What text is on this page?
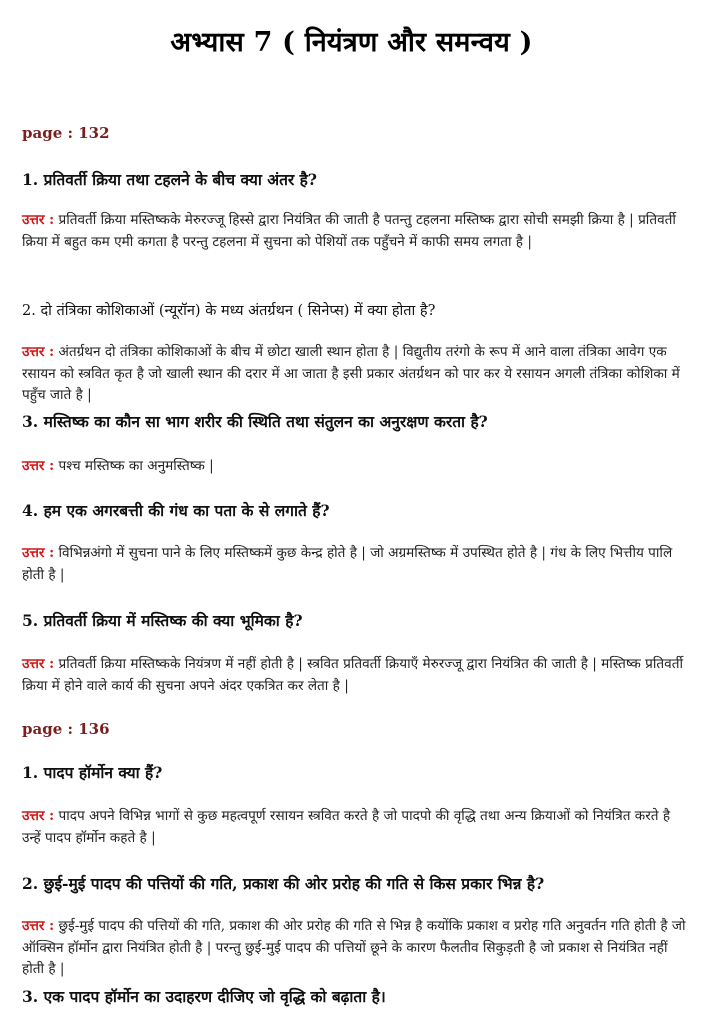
अभ्यास 7 ( नियंत्रण और समन्वय )
page : 132
1. प्रतिवर्ती क्रिया तथा टहलने के बीच क्या अंतर है?
उत्तर : प्रतिवर्ती क्रिया मस्तिष्कके मेरुरज्जू हिस्से द्वारा नियंत्रित की जाती है पतन्तु टहलना मस्तिष्क द्वारा सोची समझी क्रिया है | प्रतिवर्ती क्रिया में बहुत कम एमी कगता है परन्तु टहलना में सुचना को पेशियों तक पहुँचने में काफी समय लगता है |
2. दो तंत्रिका कोशिकाओं (न्यूरॉन) के मध्य अंतर्ग्रथन ( सिनेप्स) में क्या होता है?
उत्तर : अंतर्ग्रथन दो तंत्रिका कोशिकाओं के बीच में छोटा खाली स्थान होता है | विद्युतीय तरंगो के रूप में आने वाला तंत्रिका आवेग एक रसायन को स्त्रवित कृत है जो खाली स्थान की दरार में आ जाता है इसी प्रकार अंतर्ग्रथन को पार कर ये रसायन अगली तंत्रिका कोशिका में पहुँच जाते है |
3. मस्तिष्क का कौन सा भाग शरीर की स्थिति तथा संतुलन का अनुरक्षण करता है?
उत्तर : पश्च मस्तिष्क का अनुमस्तिष्क |
4. हम एक अगरबत्ती की गंध का पता के से लगाते हैं?
उत्तर : विभिन्नअंगो में सुचना पाने के लिए मस्तिष्कमें कुछ केन्द्र होते है | जो अग्रमस्तिष्क में उपस्थित होते है | गंध के लिए भित्तीय पालि होती है |
5. प्रतिवर्ती क्रिया में मस्तिष्क की क्या भूमिका है?
उत्तर : प्रतिवर्ती क्रिया मस्तिष्कके नियंत्रण में नहीं होती है | स्त्रवित प्रतिवर्ती क्रियाएँ मेरुरज्जू द्वारा नियंत्रित की जाती है | मस्तिष्क प्रतिवर्ती क्रिया में होने वाले कार्य की सुचना अपने अंदर एकत्रित कर लेता है |
page : 136
1. पादप हॉर्मोन क्या हैं?
उत्तर : पादप अपने विभिन्न भागों से कुछ महत्वपूर्ण रसायन स्त्रवित करते है जो पादपो की वृद्धि तथा अन्य क्रियाओं को नियंत्रित करते है उन्हें पादप हॉर्मोन कहते है |
2. छुई-मुई पादप की पत्तियों की गति, प्रकाश की ओर प्ररोह की गति से किस प्रकार भिन्न है?
उत्तर : छुई-मुई पादप की पत्तियों की गति, प्रकाश की ओर प्ररोह की गति से भिन्न है कयोंकि प्रकाश व प्ररोह गति अनुवर्तन गति होती है जो ऑक्सिन हॉर्मोन द्वारा नियंत्रित होती है | परन्तु छुई-मुई पादप की पत्तियों छूने के कारण फैलतीव सिकुड़ती है जो प्रकाश से नियंत्रित नहीं होती है |
3. एक पादप हॉर्मोन का उदाहरण दीजिए जो वृद्धि को बढ़ाता है।
